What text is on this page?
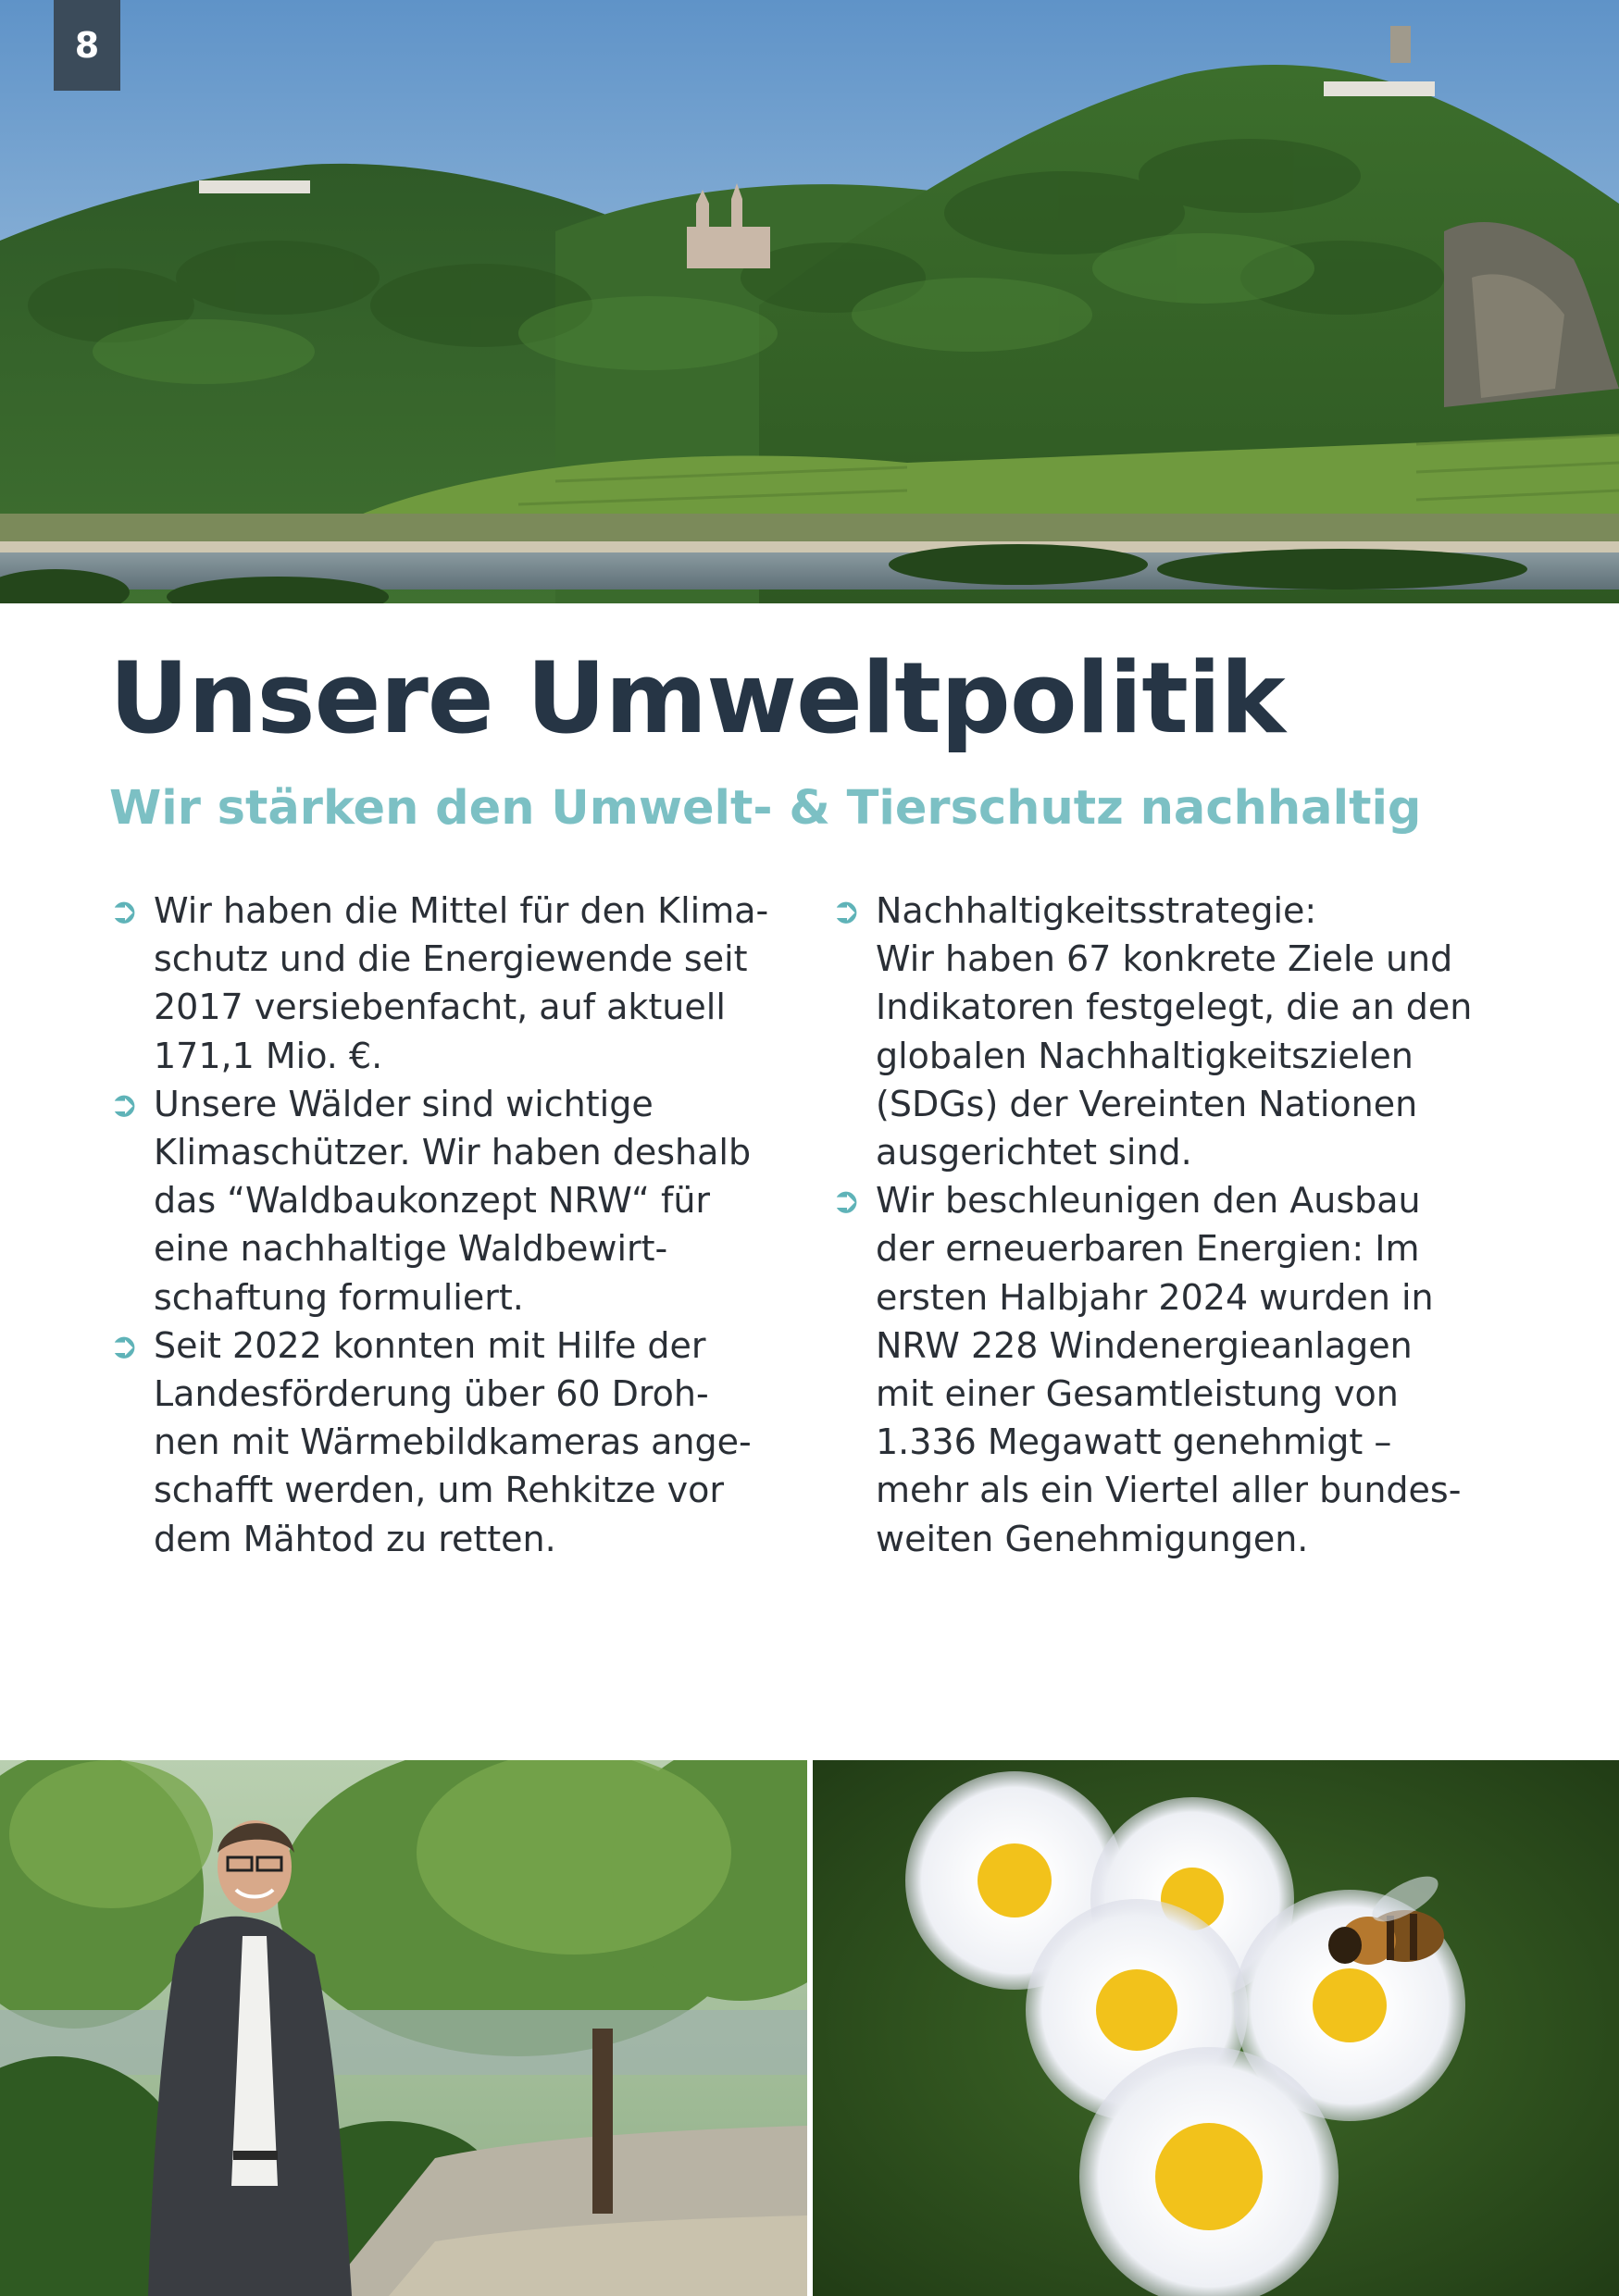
8
Unsere Umweltpolitik
Wir stärken den Umwelt- & Tierschutz nachhaltig
➲ Wir haben die Mittel für den Klima-
schutz und die Energiewende seit
2017 versiebenfacht, auf aktuell
171,1 Mio. €.
➲ Unsere Wälder sind wichtige
Klimaschützer. Wir haben deshalb
das “Waldbaukonzept NRW“ für
eine nachhaltige Waldbewirt-
schaftung formuliert.
➲ Seit 2022 konnten mit Hilfe der
Landesförderung über 60 Droh-
nen mit Wärmebildkameras ange-
schafft werden, um Rehkitze vor
dem Mähtod zu retten.
➲ Nachhaltigkeitsstrategie:
Wir haben 67 konkrete Ziele und
Indikatoren festgelegt, die an den
globalen Nachhaltigkeitszielen
(SDGs) der Vereinten Nationen
ausgerichtet sind.
➲ Wir beschleunigen den Ausbau
der erneuerbaren Energien: Im
ersten Halbjahr 2024 wurden in
NRW 228 Windenergieanlagen
mit einer Gesamtleistung von
1.336 Megawatt genehmigt –
mehr als ein Viertel aller bundes-
weiten Genehmigungen.
